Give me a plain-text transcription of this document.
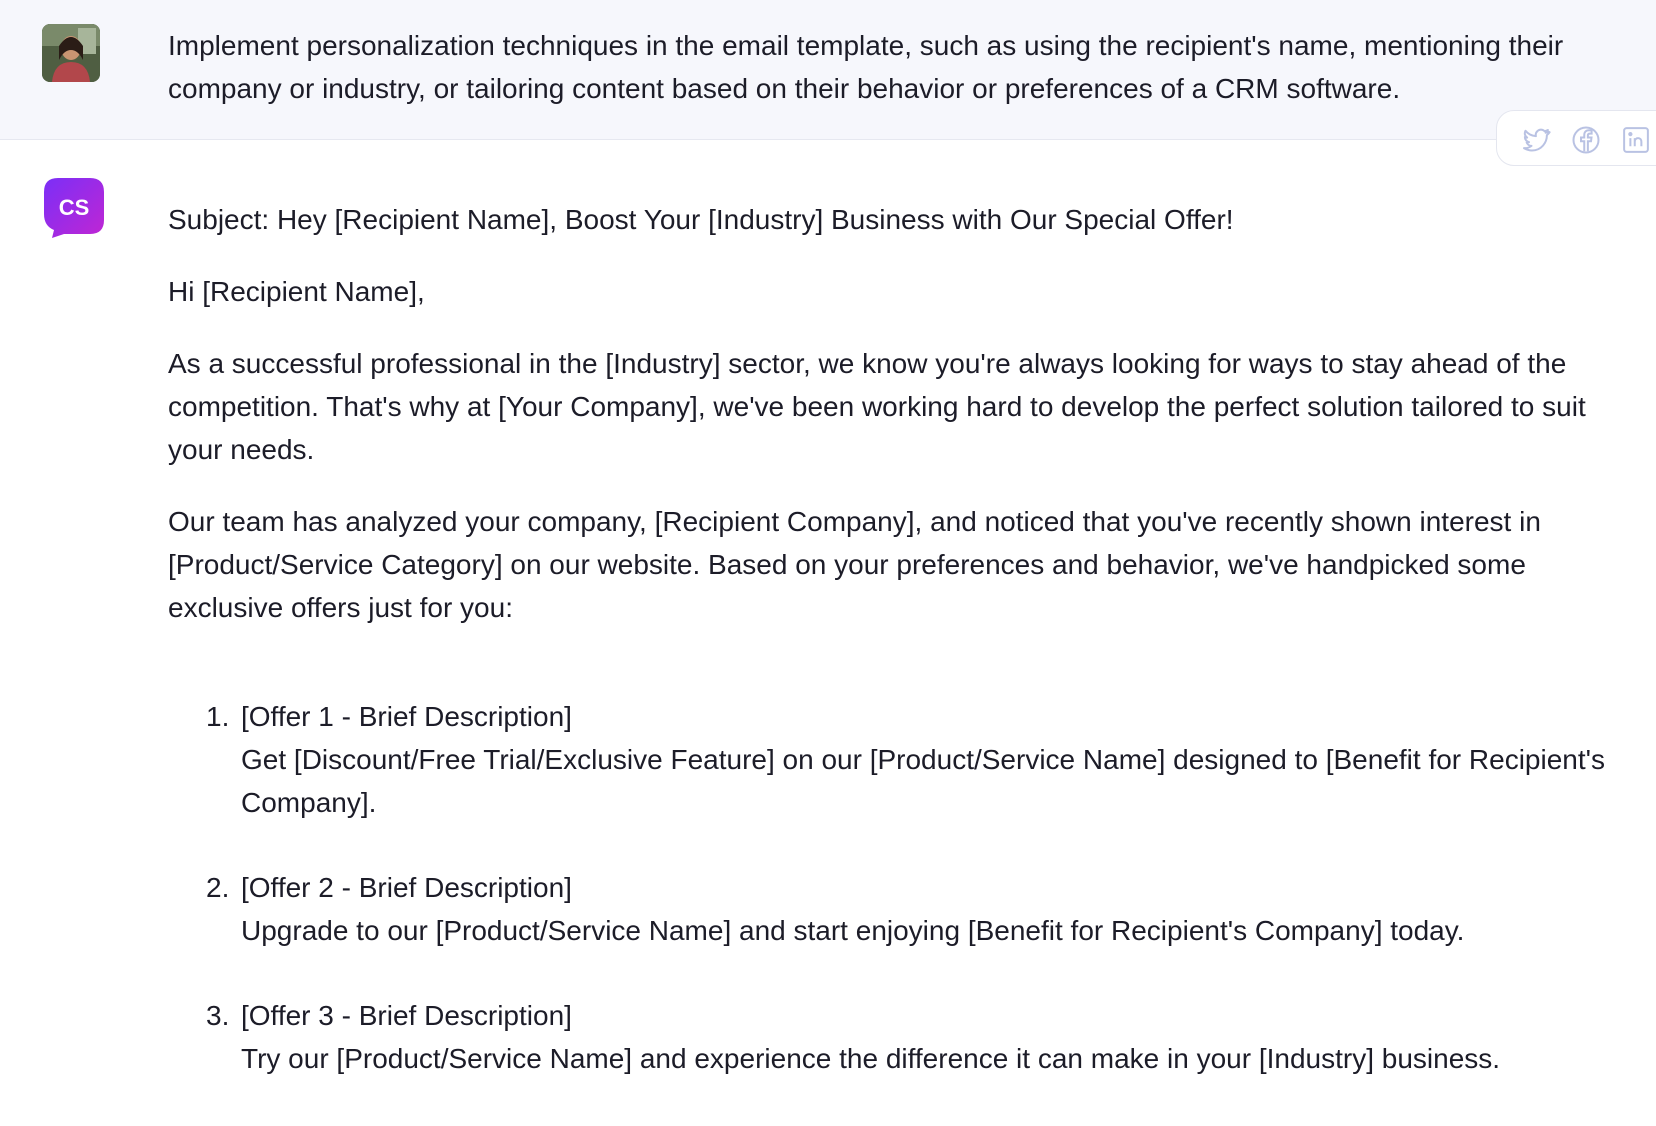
Implement personalization techniques in the email template, such as using the recipient's name, mentioning their company or industry, or tailoring content based on their behavior or preferences of a CRM software.
CS	Subject: Hey [Recipient Name], Boost Your [Industry] Business with Our Special Offer!

Hi [Recipient Name],

As a successful professional in the [Industry] sector, we know you're always looking for ways to stay ahead of the competition. That's why at [Your Company], we've been working hard to develop the perfect solution tailored to suit your needs.

Our team has analyzed your company, [Recipient Company], and noticed that you've recently shown interest in [Product/Service Category] on our website. Based on your preferences and behavior, we've handpicked some exclusive offers just for you:

1. [Offer 1 - Brief Description]
Get [Discount/Free Trial/Exclusive Feature] on our [Product/Service Name] designed to [Benefit for Recipient's Company].
2. [Offer 2 - Brief Description]
Upgrade to our [Product/Service Name] and start enjoying [Benefit for Recipient's Company] today.
3. [Offer 3 - Brief Description]
Try our [Product/Service Name] and experience the difference it can make in your [Industry] business.
